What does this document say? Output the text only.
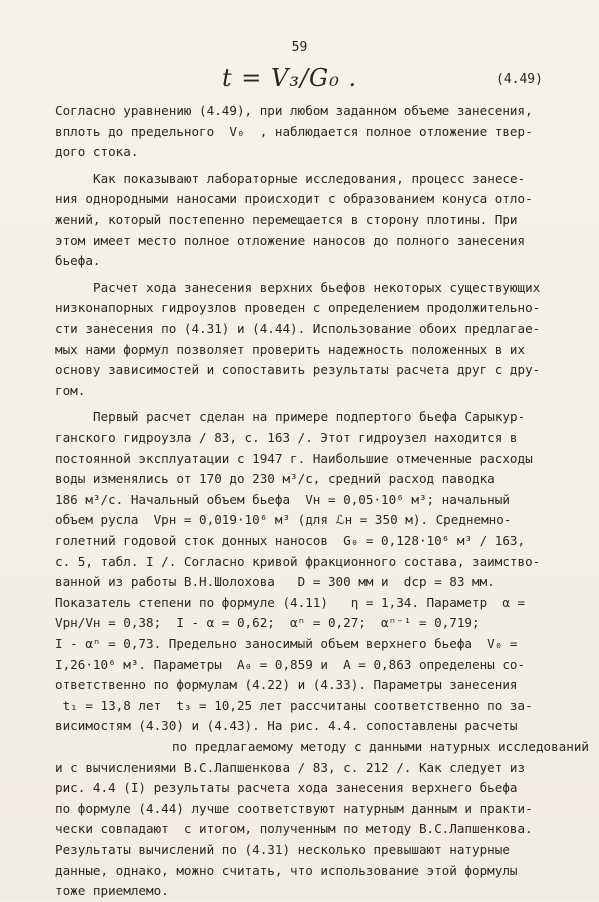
59
t = V₃/G₀ .	(4.49)
Согласно уравнению (4.49), при любом заданном объеме занесения,
вплоть до предельного  V₀  , наблюдается полное отложение твер-
дого стока.
Как показывают лабораторные исследования, процесс занесе-
ния однородными наносами происходит с образованием конуса отло-
жений, который постепенно перемещается в сторону плотины. При
этом имеет место полное отложение наносов до полного занесения
бьефа.
Расчет хода занесения верхних бьефов некоторых существующих
низконапорных гидроузлов проведен с определением продолжительно-
сти занесения по (4.31) и (4.44). Использование обоих предлагае-
мых нами формул позволяет проверить надежность положенных в их
основу зависимостей и сопоставить результаты расчета друг с дру-
гом.
Первый расчет сделан на примере подпертого бьефа Сарыкур-
ганского гидроузла / 83, с. 163 /. Этот гидроузел находится в
постоянной эксплуатации с 1947 г. Наибольшие отмеченные расходы
воды изменялись от 170 до 230 м³/с, средний расход паводка
186 м³/с. Начальный объем бьефа  Vн = 0,05·10⁶ м³; начальный
объем русла  Vрн = 0,019·10⁶ м³ (для ℒн = 350 м). Среднемно-
голетний годовой сток донных наносов  G₀ = 0,128·10⁶ м³ / 163,
с. 5, табл. I /. Согласно кривой фракционного состава, заимство-
ванной из работы В.Н.Шолохова   D = 300 мм и  dср = 83 мм.
Показатель степени по формуле (4.11)   η = 1,34. Параметр  α =
Vрн/Vн = 0,38;  I - α = 0,62;  αⁿ = 0,27;  αⁿ⁻¹ = 0,719;
I - αⁿ = 0,73. Предельно заносимый объем верхнего бьефа  V₀ =
I,26·10⁶ м³. Параметры  A₀ = 0,859 и  A = 0,863 определены со-
ответственно по формулам (4.22) и (4.33). Параметры занесения
t₁ = 13,8 лет  t₃ = 10,25 лет рассчитаны соответственно по за-
висимостям (4.30) и (4.43). На рис. 4.4. сопоставлены расчеты
по предлагаемому методу с данными натурных исследований
и с вычислениями В.С.Лапшенкова / 83, с. 212 /. Как следует из
рис. 4.4 (I) результаты расчета хода занесения верхнего бьефа
по формуле (4.44) лучше соответствуют натурным данным и практи-
чески совпадают  с итогом, полученным по методу В.С.Лапшенкова.
Результаты вычислений по (4.31) несколько превышают натурные
данные, однако, можно считать, что использование этой формулы
тоже приемлемо.
